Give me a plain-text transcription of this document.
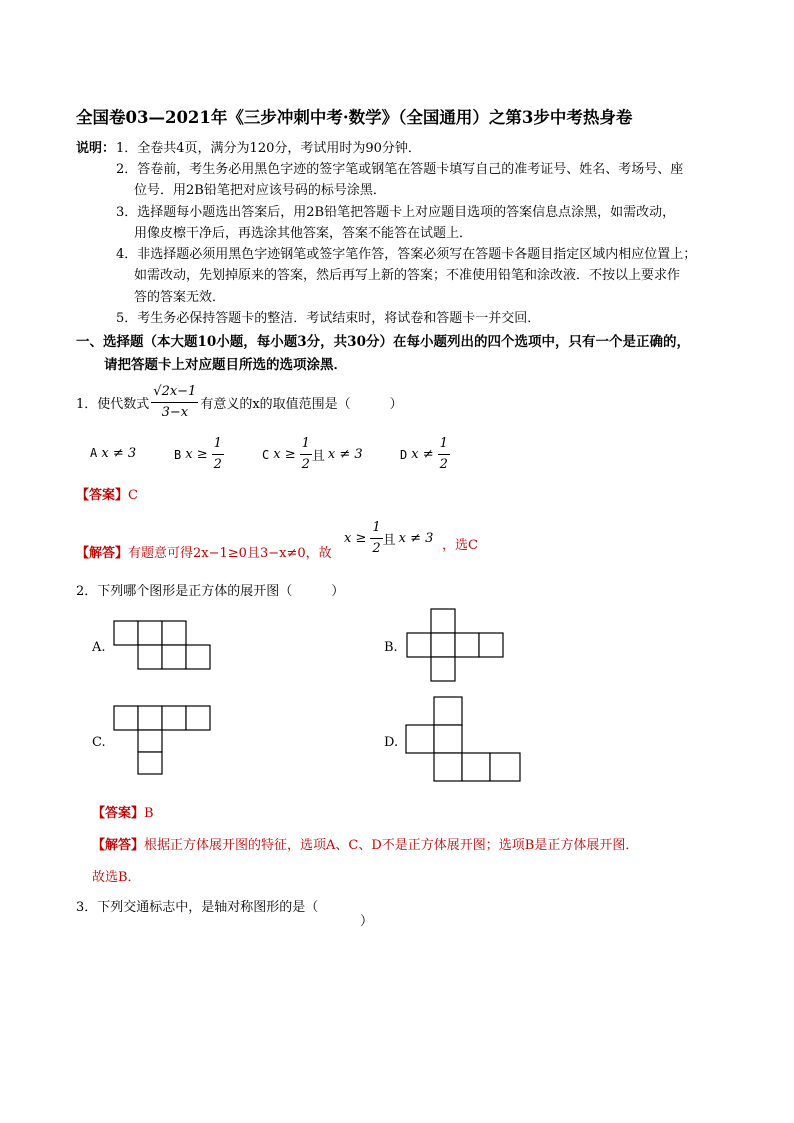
全国卷03—2021年《三步冲刺中考·数学》（全国通用）之第3步中考热身卷
说明： 1．全卷共4页，满分为120分，考试用时为90分钟．
2．答卷前，考生务必用黑色字迹的签字笔或钢笔在答题卡填写自己的准考证号、姓名、考场号、座
位号．用2B铅笔把对应该号码的标号涂黑．
3．选择题每小题选出答案后，用2B铅笔把答题卡上对应题目选项的答案信息点涂黑，如需改动，
用像皮檫干净后，再选涂其他答案，答案不能答在试题上．
4．非选择题必须用黑色字迹钢笔或签字笔作答，答案必须写在答题卡各题目指定区域内相应位置上；
如需改动，先划掉原来的答案，然后再写上新的答案；不准使用铅笔和涂改液．不按以上要求作
答的答案无效．
5．考生务必保持答题卡的整洁．考试结束时，将试卷和答题卡一并交回．
一、选择题（本大题10小题，每小题3分，共30分）在每小题列出的四个选项中，只有一个是正确的，
请把答题卡上对应题目所选的选项涂黑．
1．使代数式 $\frac{√2x-1}{3-x}$ 有意义的x的取值范围是（　　　）
A x ≠ 3	B $x \ge \frac{1}{2}$	C $x \ge \frac{1}{2}$ 且 x ≠ 3	D $x \ne \frac{1}{2}$
【答案】C
【解答】有题意可得2x−1≥0且3−x≠0，故
$x \ge \frac{1}{2}$ 且 x ≠ 3 ，选C
2．下列哪个图形是正方体的展开图（　　　）
A.	B.
C.	D.
【答案】B
【解答】根据正方体展开图的特征，选项A、C、D不是正方体展开图；选项B是正方体展开图．
故选B．
3．下列交通标志中，是轴对称图形的是（
）
